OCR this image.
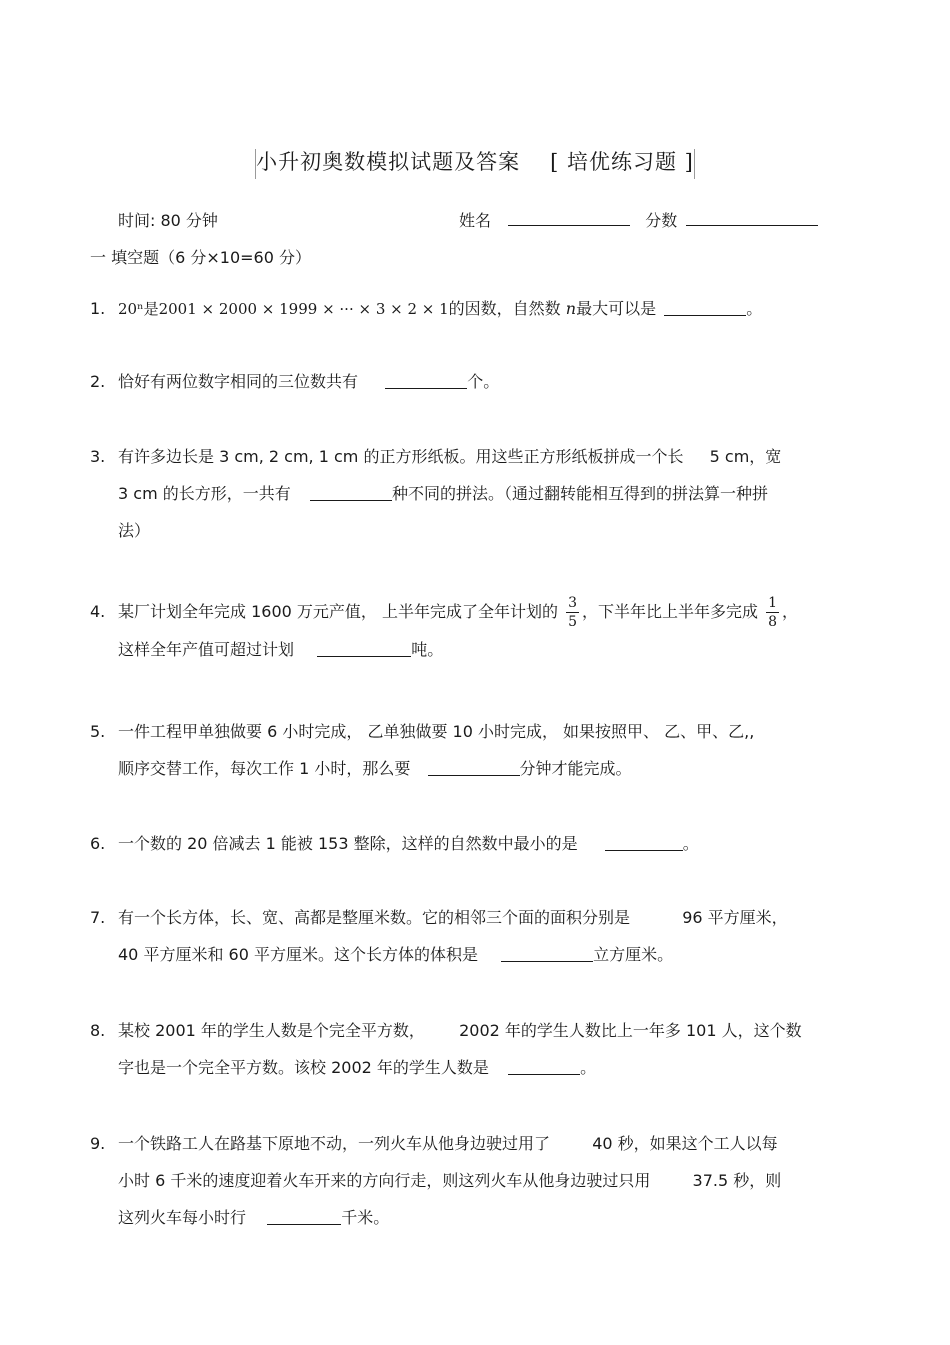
小升初奥数模拟试题及答案 [ 培优练习题 ]
时间: 80 分钟	姓名	分数
一 填空题（6 分×10=60 分）
1. 20ⁿ是2001 × 2000 × 1999 × ··· × 3 × 2 × 1的因数，自然数 n最大可以是	。
2. 恰好有两位数字相同的三位数共有	个。
3. 有许多边长是 3 cm, 2 cm, 1 cm 的正方形纸板。用这些正方形纸板拼成一个长 5 cm，宽
3 cm 的长方形，一共有	种不同的拼法。（通过翻转能相互得到的拼法算一种拼
法）
4. 某厂计划全年完成 1600 万元产值， 上半年完成了全年计划的 $\frac{3}{5}$ ，下半年比上半年多完成 $\frac{1}{8}$ ，
这样全年产值可超过计划	吨。
5. 一件工程甲单独做要 6 小时完成， 乙单独做要 10 小时完成， 如果按照甲、 乙、甲、乙,,
顺序交替工作，每次工作 1 小时，那么要	分钟才能完成。
6. 一个数的 20 倍减去 1 能被 153 整除，这样的自然数中最小的是	。
7. 有一个长方体，长、宽、高都是整厘米数。它的相邻三个面的面积分别是	96 平方厘米，
40 平方厘米和 60 平方厘米。这个长方体的体积是	立方厘米。
8. 某校 2001 年的学生人数是个完全平方数， 2002 年的学生人数比上一年多 101 人，这个数
字也是一个完全平方数。该校 2002 年的学生人数是	。
9. 一个铁路工人在路基下原地不动，一列火车从他身边驶过用了	40 秒，如果这个工人以每
小时 6 千米的速度迎着火车开来的方向行走，则这列火车从他身边驶过只用	37.5 秒，则
这列火车每小时行	千米。
